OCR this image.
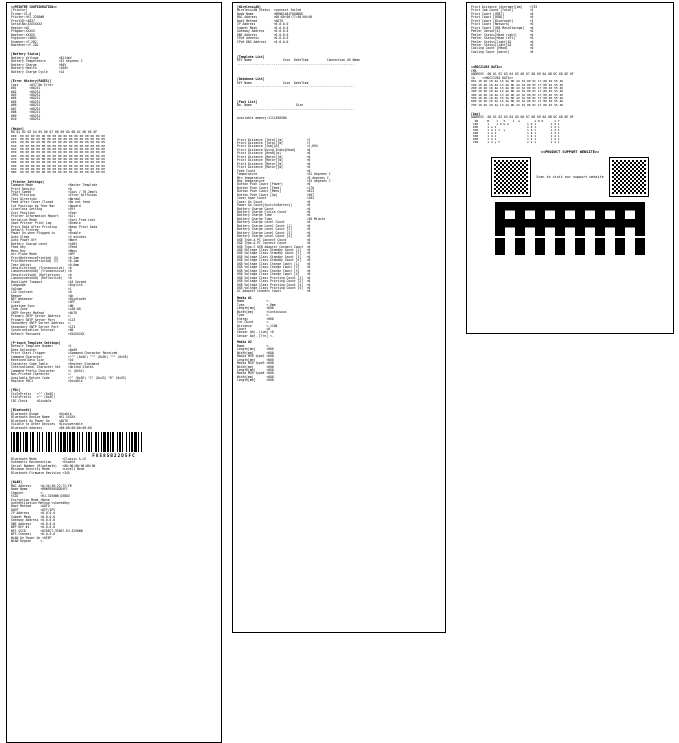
<<PRINTER CONFIGURATION>>
[Printer]
Firmer:V2.0
Printer:<RJ-3250WB
PrintID:<4837
SerialNo:XXXXXXXX
Region:<US
Progmar:XXXXX
Bootver:XXXXX
Enginver:<4B81
Enumver:<F.2B2
Boardver:<F.2D2
[Battery Status]
Battery Voltage           <8214mV
Battery Temperature       <32 degrees C
Battery Charge            <90%
Battery Health            <100%
Battery Charge Cycle      <14
[Error History(PAGES)]
Last      <#37 No Error
#01       <00231
#02       <00231
#03       <00231
#04       <00231
#05       <00231
#06       <00231
#07       <00231
#08       <00231
#09       <00231
#10       <00231
[Maint]
00 01 02 03 04 05 06 07 08 09 0A 0B 0C 0D 0E 0F
000  00 00 00 00 00 00 00 00 00 00 00 00 00 00 00 00
010  00 00 00 00 00 00 00 00 00 00 00 00 00 00 00 00
020  00 00 00 00 00 00 00 00 00 00 00 00 00 00 00 00
030  00 00 00 00 00 00 00 00 00 00 00 00 00 00 00 00
040  00 00 00 00 00 00 00 00 00 00 00 00 00 00 00 00
050  00 00 00 00 00 00 00 00 00 00 00 00 00 00 00 00
060  00 00 00 00 00 00 00 00 00 00 00 00 00 00 00 00
070  00 00 00 00 00 00 00 00 00 00 00 00 00 00 00 00
080  00 00 00 00 00 00 00 00 00 00 00 00 00 00 00 00
090  00 00 00 00 00 00 00 00 00 00 00 00 00 00 00 00
0A0  00 00 00 00 00 00 00 00 00 00 00 00 00 00 00 00
0B0  00 00 00 00 00 00 00 00 00 00 00 00 00 00 00 00
[Printer Settings]
Command Mode                   <Raster Template
Print Density                  <0
Print Speed                    <3ips / 76.2mm/s
JPEG Printing                  <Error Diffusion
Text Direction                 <Normal
Feed After Cover Closed        <Do not feed
Cut Position by Tear Bar       <Upward
Linerless Setting              <Off
Exit Position                  <Tear
Printer Information Report     <All
Serialize Mode                 <Cont From Last
Save Printer Print Log         <Enable
Print Data After Printing      <Keep Print Data
Default Printed                <0
Power On when Plugged in       <Enable
Auto Sleep                     <3 minutes
Auto Power Off                 <None
Battery Charge Level           <100%
Feed Key                       <Feed
Menu Key                       <Menu
Air-Plane Mode                 <OFF
PrintReferencePrintAdj (X)     <0.2mm
PrintReferencePrintAdj (Y)     <0.1mm
Tear Adjust                    <0.0mm
SensitivityAdj (Transmissive)  <0
LuminescenceAdj (Transmissive) <0
SensitivityAdj (Reflective)    <0
LuminescenceAdj (Reflective)   <0
Backlight Timeout              <16 Second
Language                       <English
Volume                         <1
LCD Contrast                   <0
Beeper                         <On
NFC Wakeover                   <Bluetooth
Clock                          <OFF
Autotime Sync                  <ON
Time Zone                      <+00:00
SNTP Server Method             <AUTO
Primary SNTP Server Address    <-
Primary SNTP Server Port       <123
Secondary SNTP Server Address  <-
Secondary SNTP Server Port     <123
Synchronization Interval       <60
Default Password               <XXXXXXXX
[P-touch Template Settings]
Default Template Number        <1
Data Delimiter                 <0x09
Print Start Trigger            <Command Character Received
Command Character              <^^^ (0x5E) "^" (0x5E) "^" (0x5E)
Received Data Size             <10
Character Code Table           <Brother Standard
International Character Set    <United States
Command Prefix Character       <\ (0x5C)
Non-Printed Character          <-
Available Return Code          <^^ (0x5E) "C" (0x43) "R" (0x52)
Replace FNC1                   <Disable
[PDL]
FixFxPrefix   <^^ (0x5E)
FixFxPrefix   <^^ (0x5E)
CRC Check     <Disable
[Bluetooth]
Bluetooth Usage           <Enable
Bluetooth Device Name     <RJ-XXXXX
Bluetooth On Power On     <AUTO
Visible to Other Devices  <Discoverable
Bluetooth Address         <00:00:00:00:00:00
F858SB22D5FC
Bluetooth Mode              <Classic & LE
Automatic Reconnection      <Enable
Serial Number (Bluetooth)   <00:00:00:00:00:00
Minimum Security Mode       <Level1 None
Bluetooth Firmware Revision <345
[WLAN]
MAC Address     <0:SA:38:22:72:FB
Node Name       <BRWF858SB2D5FC
Channel         <-
SSID            <RJ-3250WB_D5BD3
Encryption Mode <None
Authentication Method <sharedKey
Boot Method     <AUTO
DHCP            <OFF/IPS
IP Address      <0.0.0.0
Subnet Mask     <0.0.0.0
Gateway Address <0.0.0.0
DNS Address     <0.0.0.0
WEP KEY #1      <0.0.0.0
WFS SSID        <DIRECT-3SD07-RJ-3250WB
WFS Channel     <0.0.0.0
WLAN On Power On <KEEP
WLAN Region     <-
[WirelessLAN]
WirelessLAN Status  <connect failed
Node Name           <BRN01A81F0D00DD
MAC Address         <00:80:00:77:00:00:00
Boot Method         <AUTO
IP Address          <0.0.0.0
Subnet Mask         <0.0.0.0
Gateway Address     <0.0.0.0
DNS Address         <0.0.0.0
IPv6 Address        <0.0.0.0
IPv6 DNS Address    <0.0.0.0
[Template List]
KEY Name                 Size  DateTime          Connection OS Name
----------------------------------------------------------------
[Database List]
KEY Name                 Size  DateTime
----------------------------------------------------------------
[Font List]
No. Name                        Size
----------------------------------------------------------------
Available memory:1111490580
Print Distance [Total][m]             <7
Print Distance [Total][m]             <7
Print Distance [Job][m]               <1,694
Print Distance Using Index[Head]      <0
Print Distance [Head][m]              <0
Print Distance [Motor][m]             <0
Print Distance [Motor][m]             <0
Print Distance [Motor][m]             <0
Print Distance [Motor][m]             <0
Feed Count                            <0
Temperature                           <32 degrees C
Min temperature                       <9 degrees C
Max temperature                       <35 degrees C
Button Push Count [Power]             <0
Button Push Count [Feed]              <170
Button Push Count [Menu]              <823
Button Push Count [Up]                <567
Cover Open Count                      <103
Cover On Count                        <0
Power On Count[Switch/Battery]        <0
Battery Charge Count                  <0
Battery Charge Finish Count           <0
Battery Charge Time                   <0
Battery Charge Time                   <30 Minute
Battery Charge Level Count            <0
Battery Charge Level Count [1]        <0
Battery Charge Level Count [2]        <0
Battery Charge Level Count [3]        <0
Battery Charge Level Count [4]        <0
USB Type-A PC Connect Count           <0
USB Type-A PC Connect Count           <0
USB Type-C USB Adapter Connect Count  <0
USB Voltage Class Standby Count [1]   <0
USB Voltage Class Standby Count [2]   <0
USB Voltage Class Standby Count [3]   <0
USB Voltage Class Standby Count [4]   <0
USB Voltage Class Charge Count [1]    <0
USB Voltage Class Charge Count [2]    <0
USB Voltage Class Charge Count [3]    <0
USB Voltage Class Charge Count [4]    <0
USB Voltage Class Printing Count [1]  <0
USB Voltage Class Printing Count [2]  <0
USB Voltage Class Printing Count [3]  <0
USB Voltage Class Printing Count [4]  <0
AC Adapter Connect Count              <0
Media #1
Name            <-
Type            <-9mm
Length[mm]      <600
Width[mm]       <Continuous
Type            <-
Energy          <600
Cut Count       <-
Distance        <-1100
Count           <0
Sensor Adj. [Lum] <0
Sensor Adj. [Trn] <-
Media #2
Name            <-
Length[mm]      <600
Width[mm]       <600
Media MCN type2 <600
Length[mm]      <600
Media MCN type3 <600
Width[mm]       <600
Length[mm]      <600
Media MCN type4 <600
Width[mm]       <600
Length[mm]      <600
Print Distance [Average][mm]    <733
Print Job Count [Total]         <3
Print Count [USBT]              <0
Print Count [USBD]              <0
Print Count [Bluetooth]         <3
Print Count [Network]           <0
Print Count [USB MassStorage]   <0
Peeler Sensor[A]                <0
Peeler Status[Head right]       <0
Peeler Status[Head left]        <0
Peeler Status[light]A2          <0
Peeler Status[light]A3          <0
Cooling Count [Head]            <0
Cooling Count [motor]           <0
<<RDC21V03 DATA>>
IMA
ADDRESS  00 01 02 03 04 05 06 07 08 09 0A 0B 0C 0D 0E 0F
1A    <<RDC21V03 DATA>>
001 18 4D 18 4A 13 4A 0D 42 3A 00 0C 17 00 40 55 4D
100 18 4D 18 4A 13 4A 0D 42 3A 00 0C 17 00 40 55 4D
200 18 4D 18 4A 13 4A 0D 42 3A 00 0C 17 00 40 55 4D
300 18 4D 18 4A 13 4A 0D 42 3A 00 0C 17 00 40 55 4D
400 18 4D 18 4A 13 4A 0D 42 3A 00 0C 17 00 40 55 4D
500 18 4D 18 4A 13 4A 0D 42 3A 00 0C 17 00 40 55 4D
600 18 4D 18 4A 13 4A 0D 42 3A 00 0C 17 00 40 55 4D
700 18 4D 18 4A 13 4A 0D 42 3A 00 0C 17 00 40 55 4D
[Asp]
ADDRESS  00 01 02 03 04 05 06 07 08 09 0A 0B 0C 0D 0E 0F
00     B    1   5    1  a        1 0 0      1 7
100     1    1 0 U A          1 4 1        1 4 1
200     1 a 1                 1 4 1        1 4 1
300     1 4 1 1  y            1 4 1        1 4 1
400     1 4 1                 1 4 1        1 4 1
500     1 4 1                 1 4 1        1 4 1
600     1 4 1                 1 4 1        1 4 1
700     1 4 y T               1 4 1        1 4 1
<<PRODUCT SUPPORT WEBSITE>>
Scan to visit our support website
